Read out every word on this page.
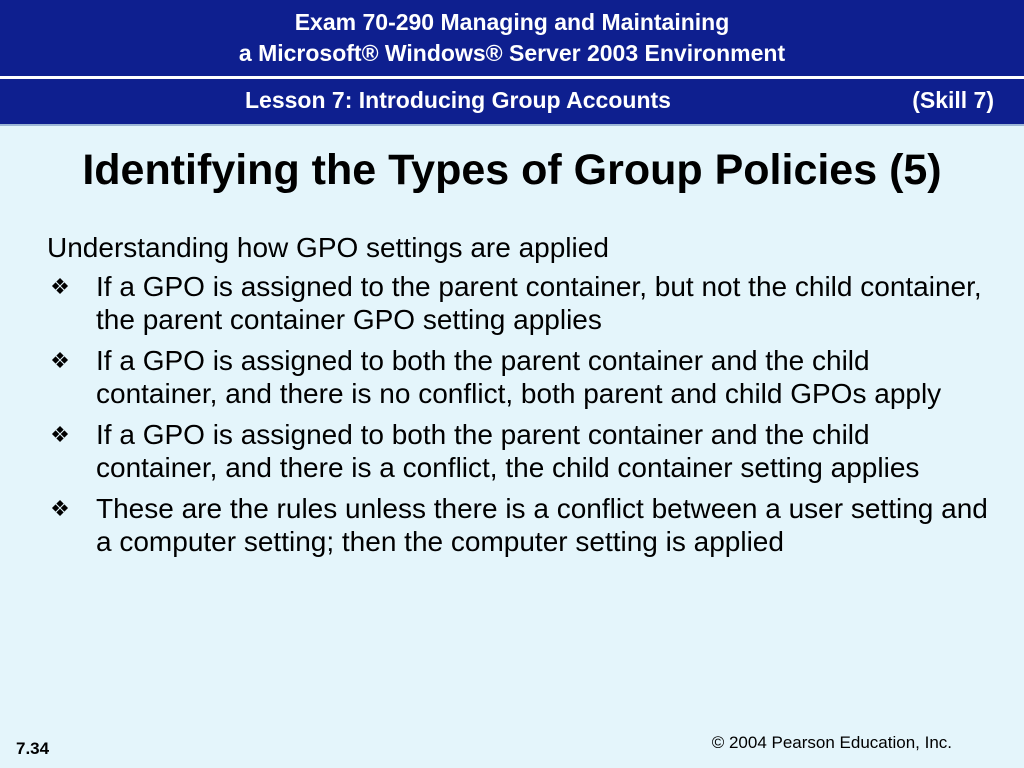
Exam 70-290 Managing and Maintaining
a Microsoft® Windows® Server 2003 Environment
Lesson 7: Introducing Group Accounts	(Skill 7)
Identifying the Types of Group Policies (5)

Understanding how GPO settings are applied

❖ If a GPO is assigned to the parent container, but not the child container, the parent container GPO setting applies
❖ If a GPO is assigned to both the parent container and the child container, and there is no conflict, both parent and child GPOs apply
❖ If a GPO is assigned to both the parent container and the child container, and there is a conflict, the child container setting applies
❖ These are the rules unless there is a conflict between a user setting and a computer setting; then the computer setting is applied
7.34	© 2004 Pearson Education, Inc.
